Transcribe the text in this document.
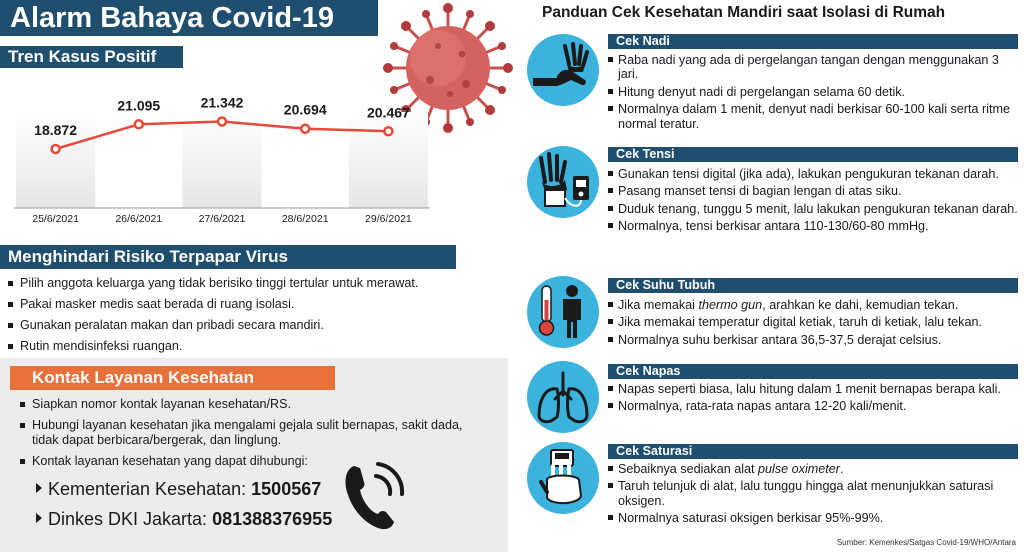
Alarm Bahaya Covid-19
Tren Kasus Positif
25/6/2021
18.872
26/6/2021
21.095
27/6/2021
21.342
28/6/2021
20.694
29/6/2021
20.467
Menghindari Risiko Terpapar Virus
Pilih anggota keluarga yang tidak berisiko tinggi tertular untuk merawat.
Pakai masker medis saat berada di ruang isolasi.
Gunakan peralatan makan dan pribadi secara mandiri.
Rutin mendisinfeksi ruangan.
Kontak Layanan Kesehatan
Siapkan nomor kontak layanan kesehatan/RS.
Hubungi layanan kesehatan jika mengalami gejala sulit bernapas, sakit dada, tidak dapat berbicara/bergerak, dan linglung.
Kontak layanan kesehatan yang dapat dihubungi:
Kementerian Kesehatan: 1500567
Dinkes DKI Jakarta: 081388376955
Panduan Cek Kesehatan Mandiri saat Isolasi di Rumah
Cek Nadi
Raba nadi yang ada di pergelangan tangan dengan menggunakan 3 jari.
Hitung denyut nadi di pergelangan selama 60 detik.
Normalnya dalam 1 menit, denyut nadi berkisar 60-100 kali serta ritme normal teratur.
Cek Tensi
Gunakan tensi digital (jika ada), lakukan pengukuran tekanan darah.
Pasang manset tensi di bagian lengan di atas siku.
Duduk tenang, tunggu 5 menit, lalu lakukan pengukuran tekanan darah.
Normalnya, tensi berkisar antara 110-130/60-80 mmHg.
Cek Suhu Tubuh
Jika memakai thermo gun, arahkan ke dahi, kemudian tekan.
Jika memakai temperatur digital ketiak, taruh di ketiak, lalu tekan.
Normalnya suhu berkisar antara 36,5-37,5 derajat celsius.
Cek Napas
Napas seperti biasa, lalu hitung dalam 1 menit bernapas berapa kali.
Normalnya, rata-rata napas antara 12-20 kali/menit.
Cek Saturasi
Sebaiknya sediakan alat pulse oximeter.
Taruh telunjuk di alat, lalu tunggu hingga alat menunjukkan saturasi oksigen.
Normalnya saturasi oksigen berkisar 95%-99%.
Sumber: Kemenkes/Satgas Covid-19/WHO/Antara
